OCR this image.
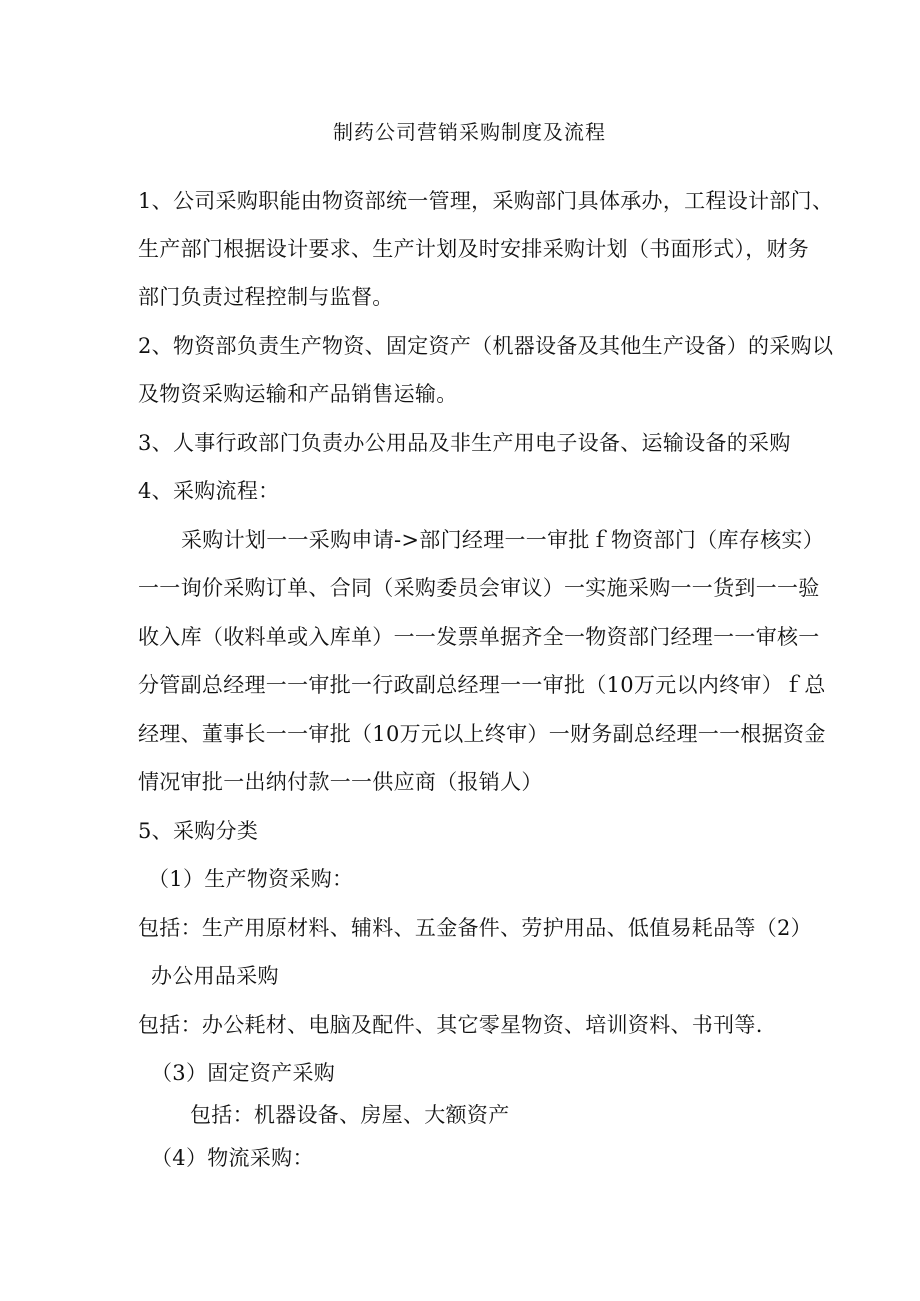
制药公司营销采购制度及流程
1、公司采购职能由物资部统一管理，采购部门具体承办，工程设计部门、
生产部门根据设计要求、生产计划及时安排采购计划（书面形式），财务
部门负责过程控制与监督。
2、物资部负责生产物资、固定资产（机器设备及其他生产设备）的采购以
及物资采购运输和产品销售运输。
3、人事行政部门负责办公用品及非生产用电子设备、运输设备的采购
4、采购流程：
采购计划一一采购申请->部门经理一一审批ｆ物资部门（库存核实）
一一询价采购订单、合同（采购委员会审议）一实施采购一一货到一一验
收入库（收料单或入库单）一一发票单据齐全一物资部门经理一一审核一
分管副总经理一一审批一行政副总经理一一审批（10万元以内终审）ｆ总
经理、董事长一一审批（10万元以上终审）一财务副总经理一一根据资金
情况审批一出纳付款一一供应商（报销人）
5、采购分类
（1）生产物资采购：
包括：生产用原材料、辅料、五金备件、劳护用品、低值易耗品等（2）
办公用品采购
包括：办公耗材、电脑及配件、其它零星物资、培训资料、书刊等.
（3）固定资产采购
包括：机器设备、房屋、大额资产
（4）物流采购：
